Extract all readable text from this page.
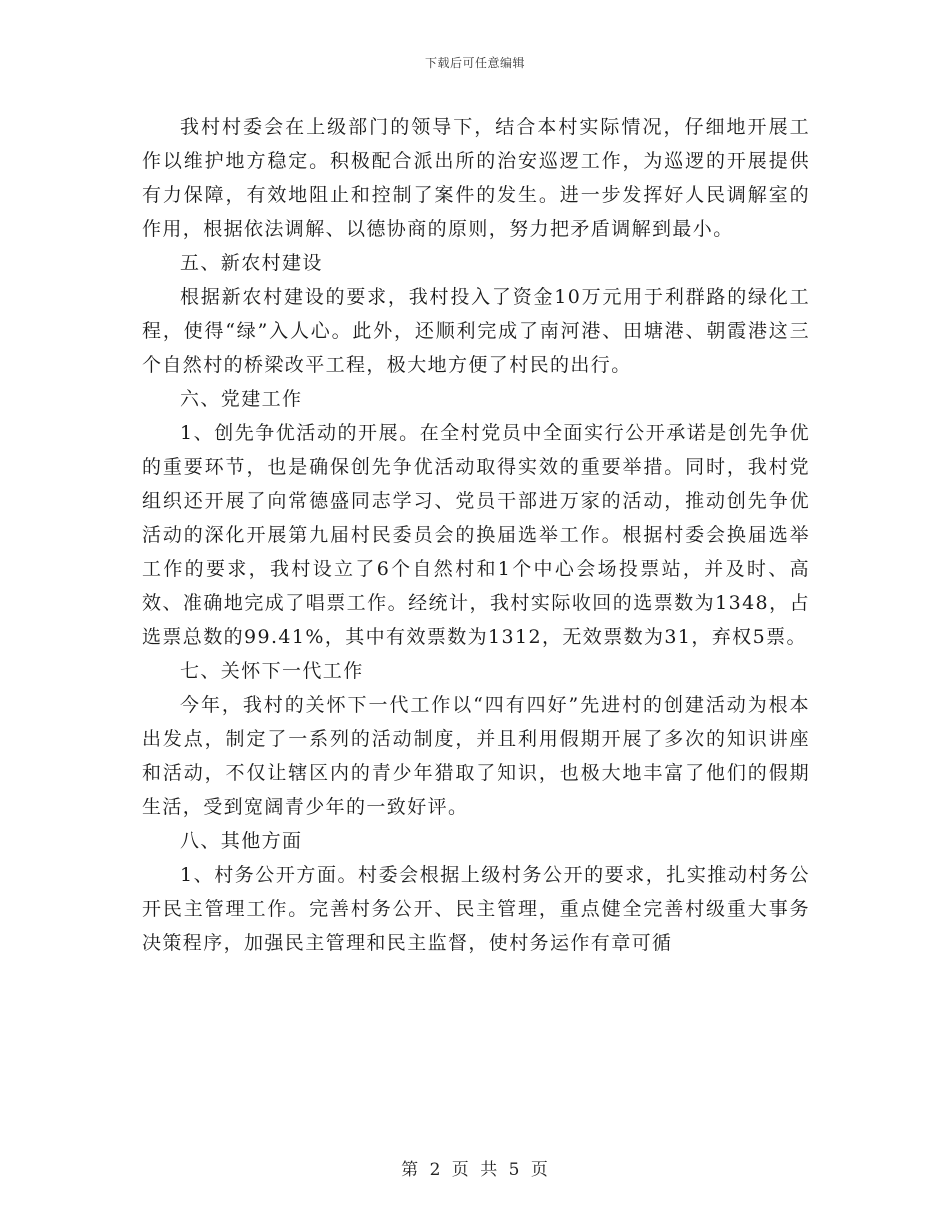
下载后可任意编辑

我村村委会在上级部门的领导下，结合本村实际情况，仔细地开展工作以维护地方稳定。积极配合派出所的治安巡逻工作，为巡逻的开展提供有力保障，有效地阻止和控制了案件的发生。进一步发挥好人民调解室的作用，根据依法调解、以德协商的原则，努力把矛盾调解到最小。

五、新农村建设

根据新农村建设的要求，我村投入了资金10万元用于利群路的绿化工程，使得“绿”入人心。此外，还顺利完成了南河港、田塘港、朝霞港这三个自然村的桥梁改平工程，极大地方便了村民的出行。

六、党建工作

1、创先争优活动的开展。在全村党员中全面实行公开承诺是创先争优的重要环节，也是确保创先争优活动取得实效的重要举措。同时，我村党组织还开展了向常德盛同志学习、党员干部进万家的活动，推动创先争优活动的深化开展第九届村民委员会的换届选举工作。根据村委会换届选举工作的要求，我村设立了6个自然村和1个中心会场投票站，并及时、高效、准确地完成了唱票工作。经统计，我村实际收回的选票数为1348，占选票总数的99.41%，其中有效票数为1312，无效票数为31，弃权5票。

七、关怀下一代工作

今年，我村的关怀下一代工作以“四有四好”先进村的创建活动为根本出发点，制定了一系列的活动制度，并且利用假期开展了多次的知识讲座和活动，不仅让辖区内的青少年猎取了知识，也极大地丰富了他们的假期生活，受到宽阔青少年的一致好评。

八、其他方面

1、村务公开方面。村委会根据上级村务公开的要求，扎实推动村务公开民主管理工作。完善村务公开、民主管理，重点健全完善村级重大事务决策程序，加强民主管理和民主监督，使村务运作有章可循

第 2 页 共 5 页
